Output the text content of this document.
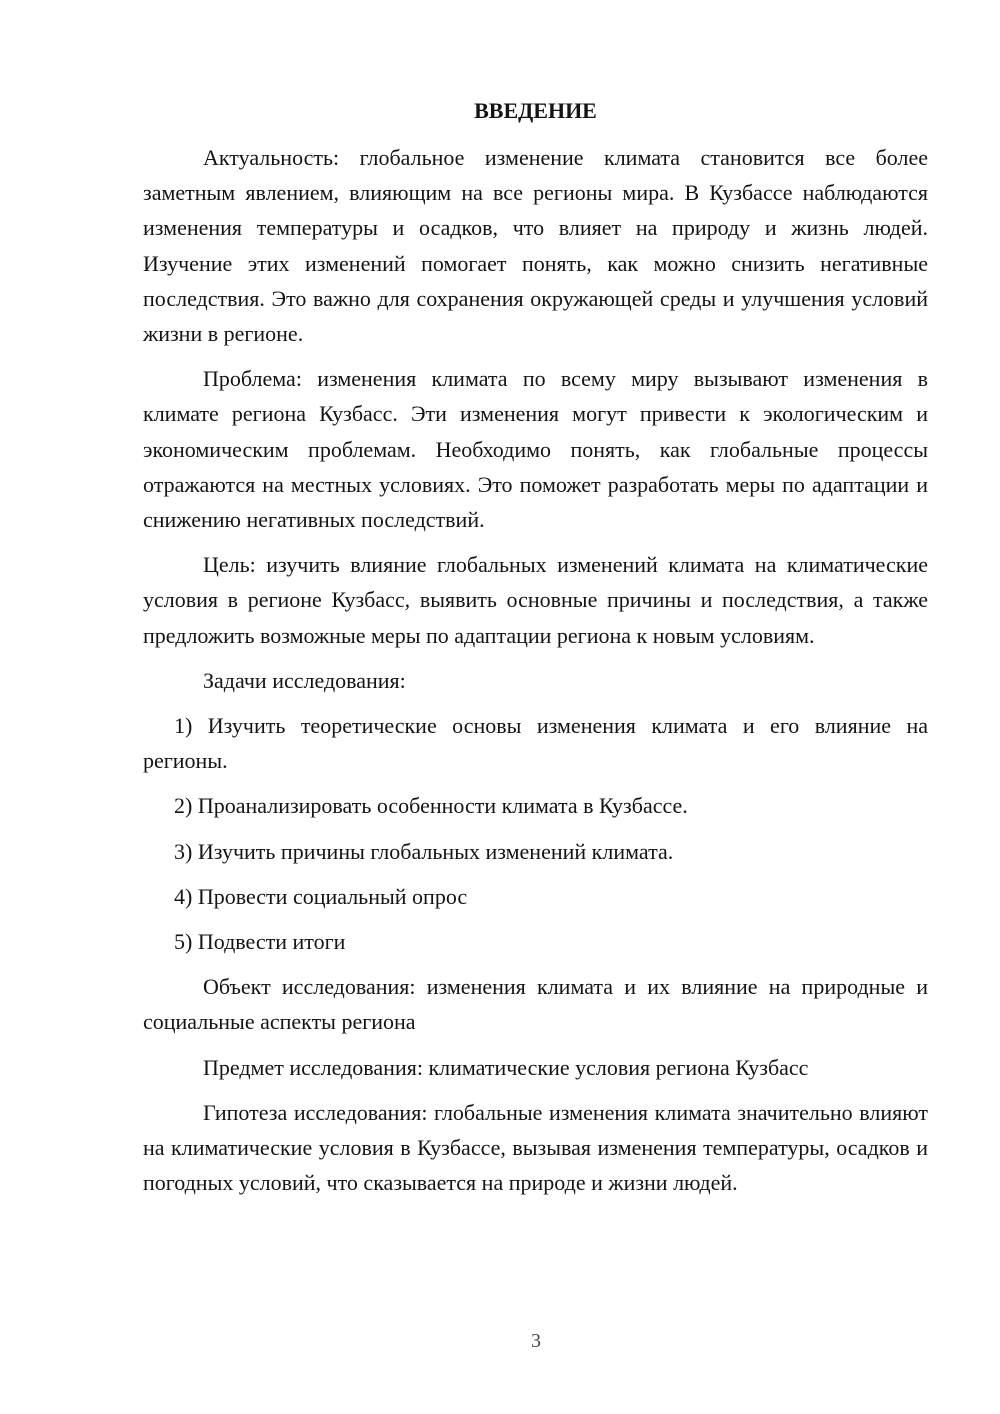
ВВЕДЕНИЕ

Актуальность: глобальное изменение климата становится все более заметным явлением, влияющим на все регионы мира. В Кузбассе наблюдаются изменения температуры и осадков, что влияет на природу и жизнь людей. Изучение этих изменений помогает понять, как можно снизить негативные последствия. Это важно для сохранения окружающей среды и улучшения условий жизни в регионе.

Проблема: изменения климата по всему миру вызывают изменения в климате региона Кузбасс. Эти изменения могут привести к экологическим и экономическим проблемам. Необходимо понять, как глобальные процессы отражаются на местных условиях. Это поможет разработать меры по адаптации и снижению негативных последствий.

Цель: изучить влияние глобальных изменений климата на климатические условия в регионе Кузбасс, выявить основные причины и последствия, а также предложить возможные меры по адаптации региона к новым условиям.

Задачи исследования:

1) Изучить теоретические основы изменения климата и его влияние на регионы.

2) Проанализировать особенности климата в Кузбассе.

3) Изучить причины глобальных изменений климата.

4) Провести социальный опрос

5) Подвести итоги

Объект исследования: изменения климата и их влияние на природные и социальные аспекты региона

Предмет исследования: климатические условия региона Кузбасс

Гипотеза исследования: глобальные изменения климата значительно влияют на климатические условия в Кузбассе, вызывая изменения температуры, осадков и погодных условий, что сказывается на природе и жизни людей.

3
